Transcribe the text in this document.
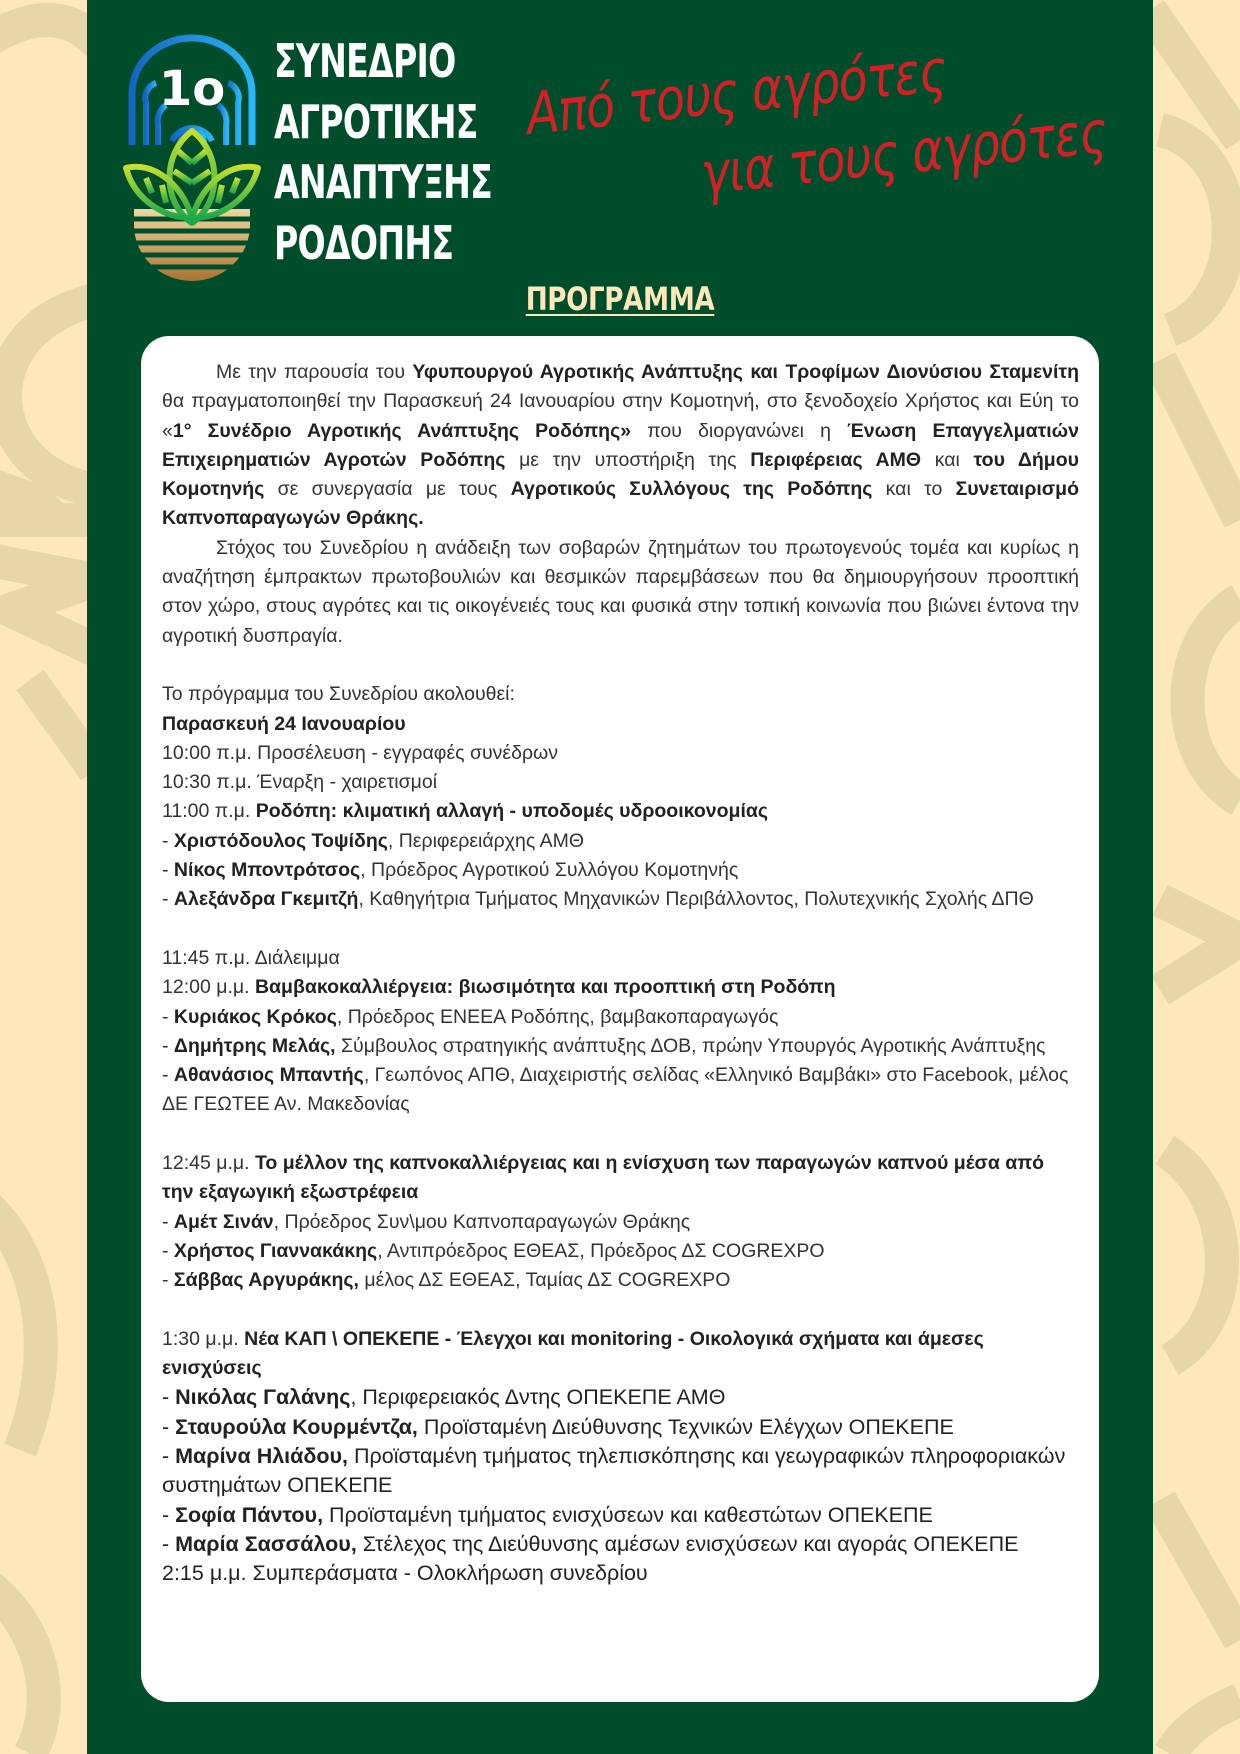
1ο ΣΥΝΕΔΡΙΟ
ΑΓΡΟΤΙΚΗΣ
ΑΝΑΠΤΥΞΗΣ
ΡΟΔΟΠΗΣ
Από τους αγρότες
για τους αγρότες
ΠΡΟΓΡΑΜΜΑ

Με την παρουσία του Υφυπουργού Αγροτικής Ανάπτυξης και Τροφίμων Διονύσιου Σταμενίτη θα πραγματοποιηθεί την Παρασκευή 24 Ιανουαρίου στην Κομοτηνή, στο ξενοδοχείο Χρήστος και Εύη το «1° Συνέδριο Αγροτικής Ανάπτυξης Ροδόπης» που διοργανώνει η Ένωση Επαγγελματιών Επιχειρηματιών Αγροτών Ροδόπης με την υποστήριξη της Περιφέρειας ΑΜΘ και του Δήμου Κομοτηνής σε συνεργασία με τους Αγροτικούς Συλλόγους της Ροδόπης και το Συνεταιρισμό Καπνοπαραγωγών Θράκης.

Στόχος του Συνεδρίου η ανάδειξη των σοβαρών ζητημάτων του πρωτογενούς τομέα και κυρίως η αναζήτηση έμπρακτων πρωτοβουλιών και θεσμικών παρεμβάσεων που θα δημιουργήσουν προοπτική στον χώρο, στους αγρότες και τις οικογένειές τους και φυσικά στην τοπική κοινωνία που βιώνει έντονα την αγροτική δυσπραγία.

Το πρόγραμμα του Συνεδρίου ακολουθεί:

Παρασκευή 24 Ιανουαρίου

10:00 π.μ. Προσέλευση - εγγραφές συνέδρων

10:30 π.μ. Έναρξη - χαιρετισμοί

11:00 π.μ. Ροδόπη: κλιματική αλλαγή - υποδομές υδροοικονομίας

- Χριστόδουλος Τοψίδης, Περιφερειάρχης ΑΜΘ

- Νίκος Μποντρότσος, Πρόεδρος Αγροτικού Συλλόγου Κομοτηνής

- Αλεξάνδρα Γκεμιτζή, Καθηγήτρια Τμήματος Μηχανικών Περιβάλλοντος, Πολυτεχνικής Σχολής ΔΠΘ

11:45 π.μ. Διάλειμμα

12:00 μ.μ. Βαμβακοκαλλιέργεια: βιωσιμότητα και προοπτική στη Ροδόπη

- Κυριάκος Κρόκος, Πρόεδρος ΕΝΕΕΑ Ροδόπης, βαμβακοπαραγωγός

- Δημήτρης Μελάς, Σύμβουλος στρατηγικής ανάπτυξης ΔΟΒ, πρώην Υπουργός Αγροτικής Ανάπτυξης

- Αθανάσιος Μπαντής, Γεωπόνος ΑΠΘ, Διαχειριστής σελίδας «Ελληνικό Βαμβάκι» στο Facebook, μέλος ΔΕ ΓΕΩΤΕΕ Αν. Μακεδονίας

12:45 μ.μ. Το μέλλον της καπνοκαλλιέργειας και η ενίσχυση των παραγωγών καπνού μέσα από την εξαγωγική εξωστρέφεια

- Αμέτ Σινάν, Πρόεδρος Συν\μου Καπνοπαραγωγών Θράκης

- Χρήστος Γιαννακάκης, Αντιπρόεδρος ΕΘΕΑΣ, Πρόεδρος ΔΣ COGREXPO

- Σάββας Αργυράκης, μέλος ΔΣ ΕΘΕΑΣ, Ταμίας ΔΣ COGREXPO

1:30 μ.μ. Νέα ΚΑΠ \ ΟΠΕΚΕΠΕ - Έλεγχοι και monitoring - Οικολογικά σχήματα και άμεσες ενισχύσεις

- Νικόλας Γαλάνης, Περιφερειακός Δντης ΟΠΕΚΕΠΕ ΑΜΘ

- Σταυρούλα Κουρμέντζα, Προϊσταμένη Διεύθυνσης Τεχνικών Ελέγχων ΟΠΕΚΕΠΕ

- Μαρίνα Ηλιάδου, Προϊσταμένη τμήματος τηλεπισκόπησης και γεωγραφικών πληροφοριακών συστημάτων ΟΠΕΚΕΠΕ

- Σοφία Πάντου, Προϊσταμένη τμήματος ενισχύσεων και καθεστώτων ΟΠΕΚΕΠΕ

- Μαρία Σασσάλου, Στέλεχος της Διεύθυνσης αμέσων ενισχύσεων και αγοράς ΟΠΕΚΕΠΕ

2:15 μ.μ. Συμπεράσματα - Ολοκλήρωση συνεδρίου
